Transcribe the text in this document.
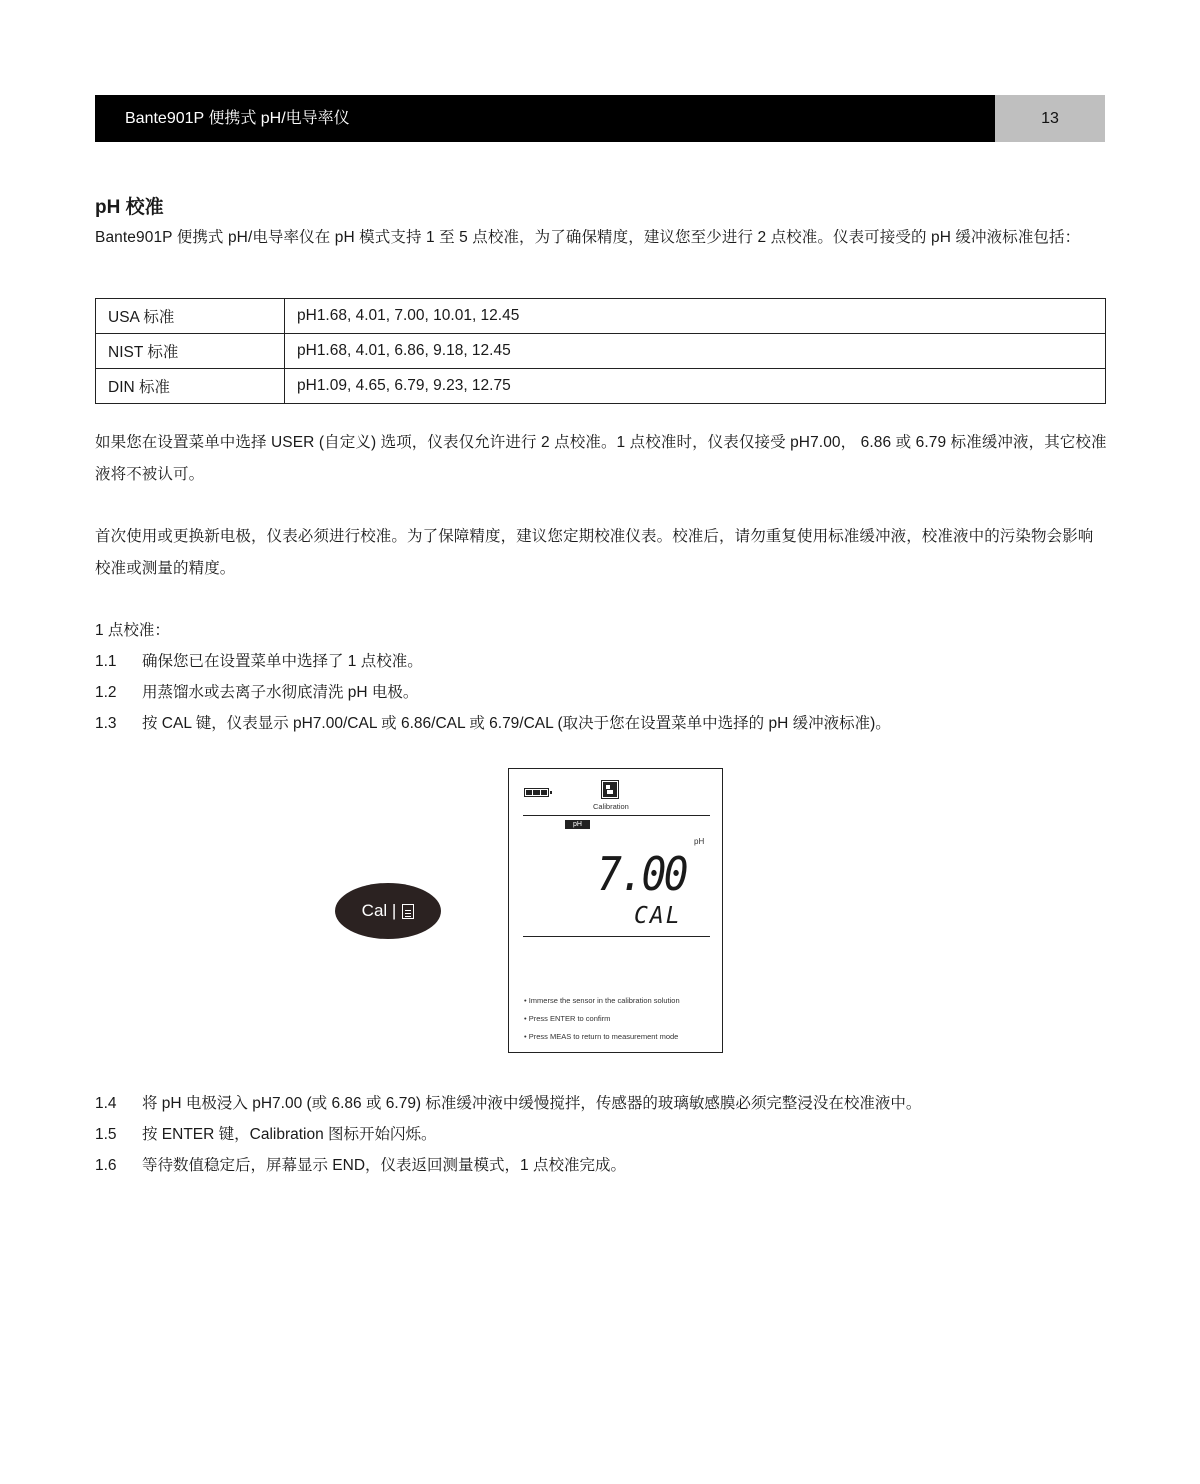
Bante901P 便携式 pH/电导率仪	13
pH 校准
Bante901P 便携式 pH/电导率仪在 pH 模式支持 1 至 5 点校准，为了确保精度，建议您至少进行 2 点校准。仪表可接受的 pH 缓冲液标准包括：
USA 标准	pH1.68, 4.01, 7.00, 10.01, 12.45
NIST 标准	pH1.68, 4.01, 6.86, 9.18, 12.45
DIN 标准	pH1.09, 4.65, 6.79, 9.23, 12.75
如果您在设置菜单中选择 USER (自定义) 选项，仪表仅允许进行 2 点校准。1 点校准时，仪表仅接受 pH7.00， 6.86 或 6.79 标准缓冲液，其它校准液将不被认可。
首次使用或更换新电极，仪表必须进行校准。为了保障精度，建议您定期校准仪表。校准后，请勿重复使用标准缓冲液，校准液中的污染物会影响校准或测量的精度。
1 点校准：
1.1	确保您已在设置菜单中选择了 1 点校准。
1.2	用蒸馏水或去离子水彻底清洗 pH 电极。
1.3	按 CAL 键，仪表显示 pH7.00/CAL 或 6.86/CAL 或 6.79/CAL (取决于您在设置菜单中选择的 pH 缓冲液标准)。
Cal |
Calibration
pH
pH
7.00
CAL
• Immerse the sensor in the calibration solution
• Press ENTER to confirm
• Press MEAS to return to measurement mode
1.4	将 pH 电极浸入 pH7.00 (或 6.86 或 6.79) 标准缓冲液中缓慢搅拌，传感器的玻璃敏感膜必须完整浸没在校准液中。
1.5	按 ENTER 键，Calibration 图标开始闪烁。
1.6	等待数值稳定后，屏幕显示 END，仪表返回测量模式，1 点校准完成。
